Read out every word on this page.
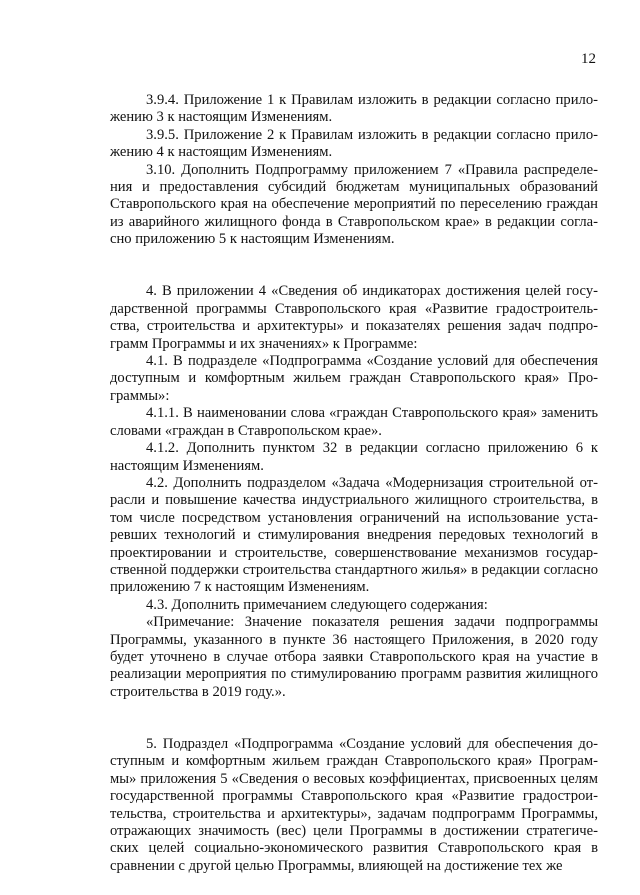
12

3.9.4. Приложение 1 к Правилам изложить в редакции согласно приложению 3 к настоящим Изменениям.

3.9.5. Приложение 2 к Правилам изложить в редакции согласно приложению 4 к настоящим Изменениям.

3.10. Дополнить Подпрограмму приложением 7 «Правила распределения и предоставления субсидий бюджетам муниципальных образований Ставропольского края на обеспечение мероприятий по переселению граждан из аварийного жилищного фонда в Ставропольском крае» в редакции согласно приложению 5 к настоящим Изменениям.

4. В приложении 4 «Сведения об индикаторах достижения целей государственной программы Ставропольского края «Развитие градостроительства, строительства и архитектуры» и показателях решения задач подпрограмм Программы и их значениях» к Программе:

4.1. В подразделе «Подпрограмма «Создание условий для обеспечения доступным и комфортным жильем граждан Ставропольского края» Программы»:

4.1.1. В наименовании слова «граждан Ставропольского края» заменить словами «граждан в Ставропольском крае».

4.1.2. Дополнить пунктом 32 в редакции согласно приложению 6 к настоящим Изменениям.

4.2. Дополнить подразделом «Задача «Модернизация строительной отрасли и повышение качества индустриального жилищного строительства, в том числе посредством установления ограничений на использование устаревших технологий и стимулирования внедрения передовых технологий в проектировании и строительстве, совершенствование механизмов государственной поддержки строительства стандартного жилья» в редакции согласно приложению 7 к настоящим Изменениям.

4.3. Дополнить примечанием следующего содержания:

«Примечание: Значение показателя решения задачи подпрограммы Программы, указанного в пункте 36 настоящего Приложения, в 2020 году будет уточнено в случае отбора заявки Ставропольского края на участие в реализации мероприятия по стимулированию программ развития жилищного строительства в 2019 году.».

5. Подраздел «Подпрограмма «Создание условий для обеспечения доступным и комфортным жильем граждан Ставропольского края» Программы» приложения 5 «Сведения о весовых коэффициентах, присвоенных целям государственной программы Ставропольского края «Развитие градостроительства, строительства и архитектуры», задачам подпрограмм Программы, отражающих значимость (вес) цели Программы в достижении стратегических целей социально-экономического развития Ставропольского края в сравнении с другой целью Программы, влияющей на достижение тех же
